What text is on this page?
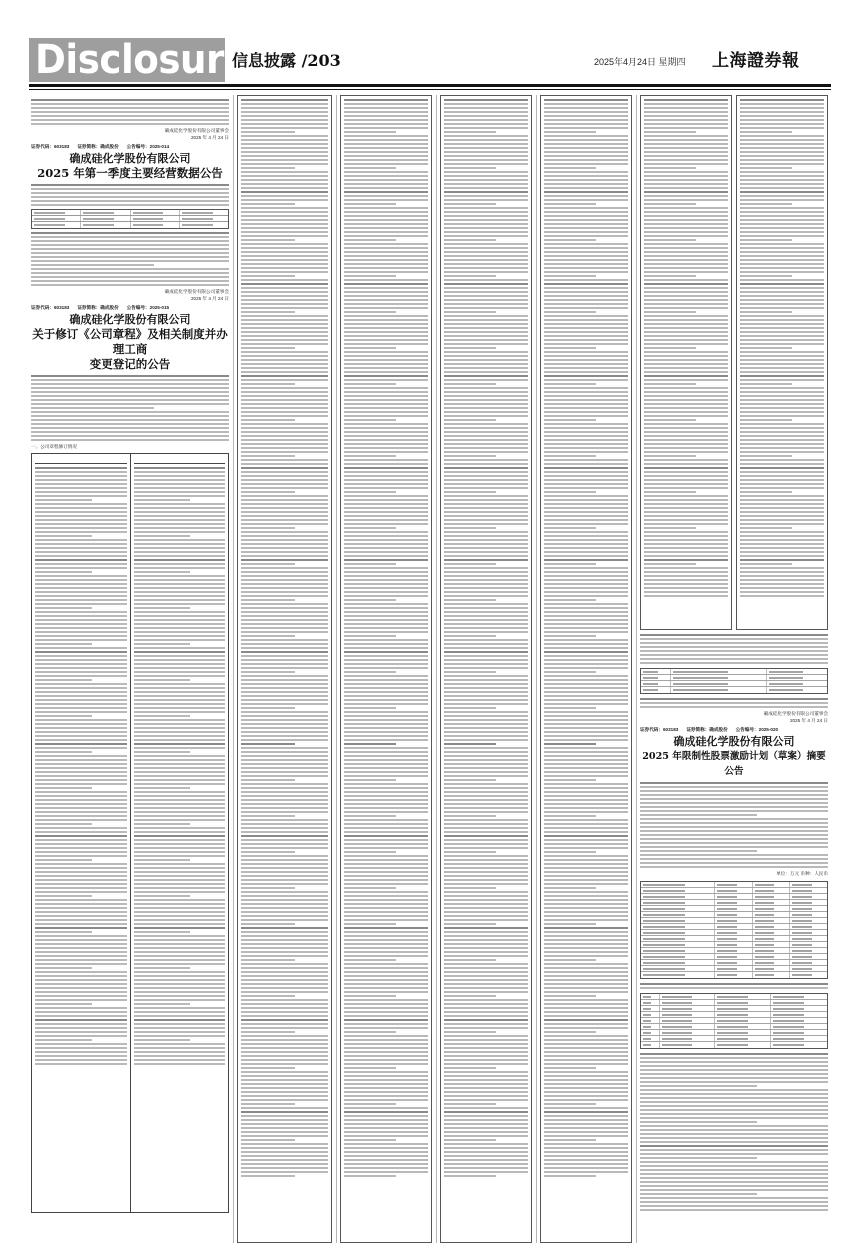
Disclosure
信息披露 /203	2025年4月24日 星期四 上海證券報
确成硅化学股份有限公司董事会
2025 年 4 月 24 日
证券代码：603183 证券简称：确成股份 公告编号：2025-014
确成硅化学股份有限公司
2025 年第一季度主要经营数据公告
确成硅化学股份有限公司董事会
2025 年 4 月 24 日
证券代码：603183 证券简称：确成股份 公告编号：2025-015
确成硅化学股份有限公司
关于修订《公司章程》及相关制度并办理工商
变更登记的公告
一、公司章程修订情况

确成硅化学股份有限公司董事会
2025 年 4 月 24 日
证券代码：603183 证券简称：确成股份 公告编号：2025-020
确成硅化学股份有限公司
2025 年限制性股票激励计划（草案）摘要公告
单位：万元 币种：人民币
